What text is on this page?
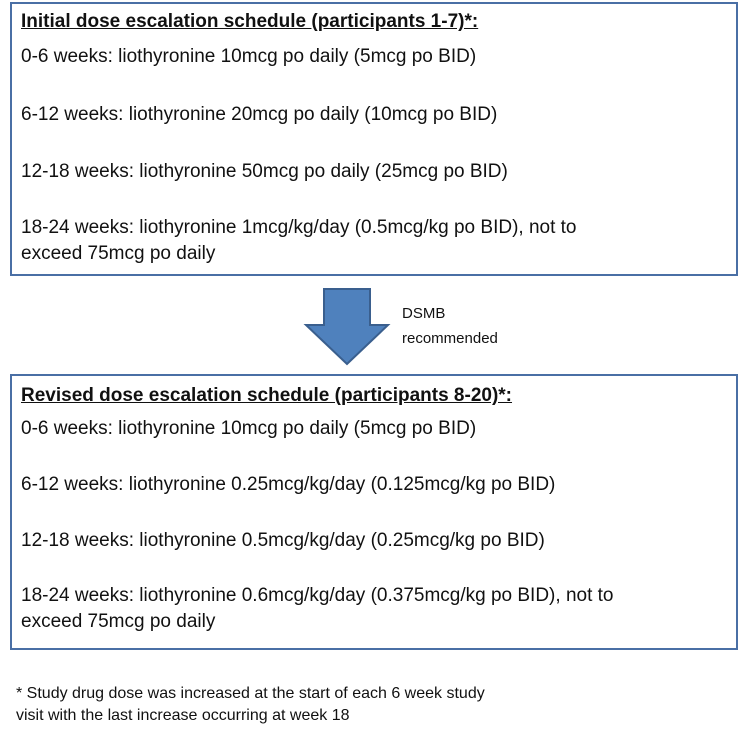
Initial dose escalation schedule (participants 1-7)*:
0-6 weeks: liothyronine 10mcg po daily (5mcg po BID)
6-12 weeks: liothyronine 20mcg po daily (10mcg po BID)
12-18 weeks: liothyronine 50mcg po daily (25mcg po BID)
18-24 weeks: liothyronine 1mcg/kg/day (0.5mcg/kg po BID), not to
exceed 75mcg po daily
DSMB
recommended
Revised dose escalation schedule (participants 8-20)*:
0-6 weeks: liothyronine 10mcg po daily (5mcg po BID)
6-12 weeks: liothyronine 0.25mcg/kg/day (0.125mcg/kg po BID)
12-18 weeks: liothyronine 0.5mcg/kg/day (0.25mcg/kg po BID)
18-24 weeks: liothyronine 0.6mcg/kg/day (0.375mcg/kg po BID), not to
exceed 75mcg po daily
* Study drug dose was increased at the start of each 6 week study
visit with the last increase occurring at week 18
